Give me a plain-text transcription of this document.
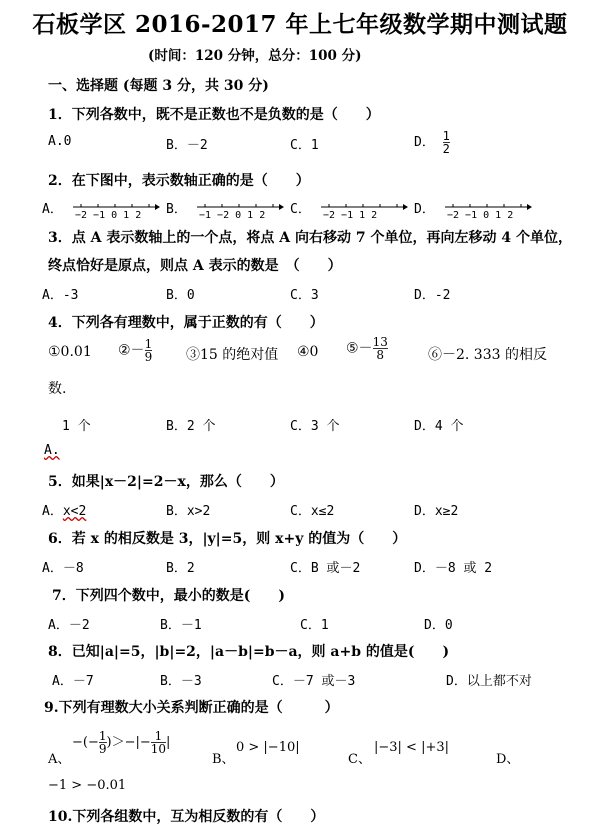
石板学区 2016-2017 年上七年级数学期中测试题
(时间：120 分钟，总分：100 分)
一、选择题 (每题 3 分，共 30 分)
1．下列各数中，既不是正数也不是负数的是（　　）
A.0	B．－2	C．1	D． $\frac{1}{2}$
2．在下图中，表示数轴正确的是（　　）
A． −2 −1 0 1 2 B． −1 −2 0 1 2 C． −2 −1 1 2	D． −2 −1 0 1 2
3．点 A 表示数轴上的一个点，将点 A 向右移动 7 个单位，再向左移动 4 个单位，
终点恰好是原点，则点 A 表示的数是　（　　）
A．-3	B．0	C．3	D．-2
4．下列各有理数中，属于正数的有（　　）
①0.01 ②－ $\frac{1}{9}$ ③15 的绝对值 ④0 ⑤－ $\frac{13}{8}$	⑥－2. 333 的相反
数.
1 个	B．2 个	C．3 个	D．4 个
A.
5．如果|x－2|=2－x，那么（　　）
A．x<2	B．x>2	C．x≤2	D．x≥2
6．若 x 的相反数是 3，|y|=5，则 x+y 的值为（　　）
A．－8	B．2	C．B 或－2	D．－8 或 2
7．下列四个数中，最小的数是(　　)
A．－2	B．－1	C．1	D．0
8．已知|a|=5，|b|=2，|a－b|=b－a，则 a+b 的值是(　　)
A．－7	B．－3	C．－7 或－3	D．以上都不对
9.下列有理数大小关系判断正确的是（　　　）
A、
−(− $\frac{1}{9}$ )＞−|− $\frac{1}{10}$ |
B、
0 > |−10|
C、
|−3| < |+3|
D、
−1 > −0.01
10.下列各组数中，互为相反数的有（　　）
